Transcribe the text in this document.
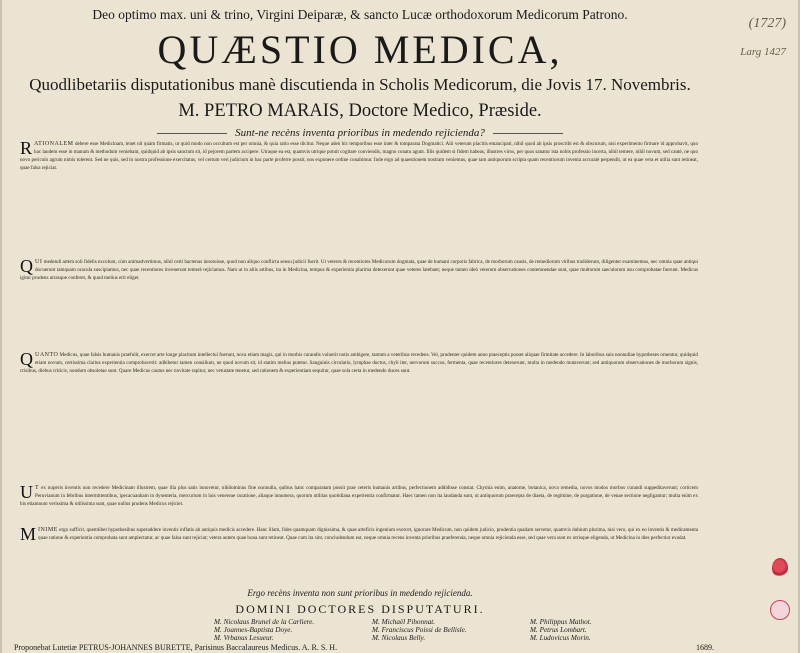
(1727)
Larg 1427
Deo optimo max. uni & trino, Virgini Deiparæ, & sancto Lucæ orthodoxorum Medicorum Patrono.
QUÆSTIO MEDICA,
Quodlibetariis disputationibus manè discutienda in Scholis Medicorum, die Jovis 17. Novembris.
M. PETRO MARAIS, Doctore Medico, Præside.
Sunt-ne recèns inventa prioribus in medendo rejicienda?
R ATIONALEM debere esse Medicinam, tenet nil quàm firmatis, ut quid modo non occultum est per omnia, & quia ratio esse dicitur. Neque adeò hic temporibus esse inter & tomparata Dogmatici. Alii veterum placitis emancipati, nihil quod ab ipsis proscribi est & obscurum, nisi experimento firmare id approbavit, quo hac laudem esse in manum & methodum veniebant, quidquid ab ipsis sanctum sit, id pejorem partem accipere. Utraque ea est, quamvis utrique potuit cogitare conviendis, magno conatu agunt. Illis quidem si fidem habeas, illustres viros, per quos sanatur ista nobis professio incerta, nihil temere, nihil novum, sed cautè, ne quo novo periculo agrum nimis tolerent. Sed ne quis, sed in nostra professione exercitatus, vel certum veri judicium in hac parte proferre possit, nos exponere ordine conabimur. Inde ergo ad quaestionem nostram veniemus, quae tam antiquorum scripta quam recentiorum inventa accuratè perpendit, ut ea quae vera et utilia sunt retineat, quae falsa rejiciat.
Q UI medendi artem soli fidelis excolunt, cùm animadvertimus, nihil certi hactenus innotuisse, quod non aliquo conflictu sensu judicii fuerit. Ut veteres & recentiores Medicorum dogmata, quae de humani corporis fabrica, de morborum causis, de remediorum viribus tradiderunt, diligenter examinemus, nec omnia quae antiqui docuerunt tamquam oracula suscipiamus, nec quae recentiores invenerunt temerè rejiciamus. Nam ut in aliis artibus, ita in Medicina, tempus & experientia plurima detexerunt quae veteres latebant; neque tamen ideò veterum observationes contemnendae sunt, quae multorum saeculorum usu comprobatae fuerunt. Medicus igitur prudens utrasque conferet, & quod melius erit eliget.
Q UANTO Medicus, quae falsis humanis praefulit, exercet arte longe placitum intellectui fuerunt, nova etiam magis, qui in morbis curandis voluerit notis ambigere, tantum a veteribus recedens. Vel, prudenter quidem anno praeceptis posset aliquae firmitate accedere. In laboribus suis nonnullae hypotheses ornentur, quidquid etiam novum, certissima clarius experientia comprobaverit: adhibetur tamen consilium, ne quod novum sit, id statim melius putetur. Sanguinis circulatio, lymphae ductus, chyli iter, nervorum succus, fermenta, quae recentiores detexerunt, multa in medendo mutaverunt; sed antiquorum observationes de morborum signis, crisibus, diebus criticis, nondum obsoletae sunt. Quare Medicus cautus nec novitate rapitur, nec vetustate tenetur, sed rationem & experientiam sequitur, quae sola certa in medendo duces sunt.
U T ex nuperis inventis non recedere Medicinam illustrem, quae illa plus satis innovetur, nihilominus fine nonnulla, quibus hanc comparatam possit prae ceteris humanis artibus, perfectionem addidisse constat. Chymia enim, anatome, botanica, nova remedia, novos modos morbos curandi suppeditaverunt; corticem Peruvianum in febribus intermittentibus, ipecacuanham in dysenteria, mercurium in luis venereae curatione, aliaque innumera, quorum utilitas quotidiana experientia confirmatur. Haec tamen non ita laudanda sunt, ut antiquorum praecepta de diaeta, de regimine, de purgatione, de venae sectione negligantur; multa enim ex his etiamnum verissima & utilissima sunt, quae nullus prudens Medicus rejiciet.
M INIME ergo sufficit, quemlibet hypothesibus superaddere inventis inflatis ab antiquis medicis accedere. Hanc illam, fides quamquam dignissima, & quae arteficis ingenium exercet, ignorare Medicum, non quidem judicio, prudentia quadam servetur, quamvis dubium plurima, nisi vero, qui ex eo inventis & medicamenta quae ratione & experientia comprobata sunt amplectatur, ac quae falsa sunt rejiciat; vetera autem quae bona sunt retineat. Quae cum ita sint, concludendum est, neque omnia recens inventa prioribus praeferenda, neque omnia rejicienda esse, sed quae vera sunt ex utrisque eligenda, ut Medicina in dies perfectior evadat.
Ergo recèns inventa non sunt prioribus in medendo rejicienda.
DOMINI DOCTORES DISPUTATURI.
M. Nicolaus Brunel de la Carliere.	M. Michaël Pihonnat.	M. Philippus Mathot.
M. Joannes-Baptista Doye.	M. Franciscus Poissi de Bellisle.	M. Petrus Lombart.
M. Vrbanus Lesueur.	M. Nicolaus Belly.	M. Ludovicus Morin.
Proponebat Lutetiæ PETRUS-JOHANNES BURETTE, Parisinus Baccalaureus Medicus. A. R. S. H.	1689.
